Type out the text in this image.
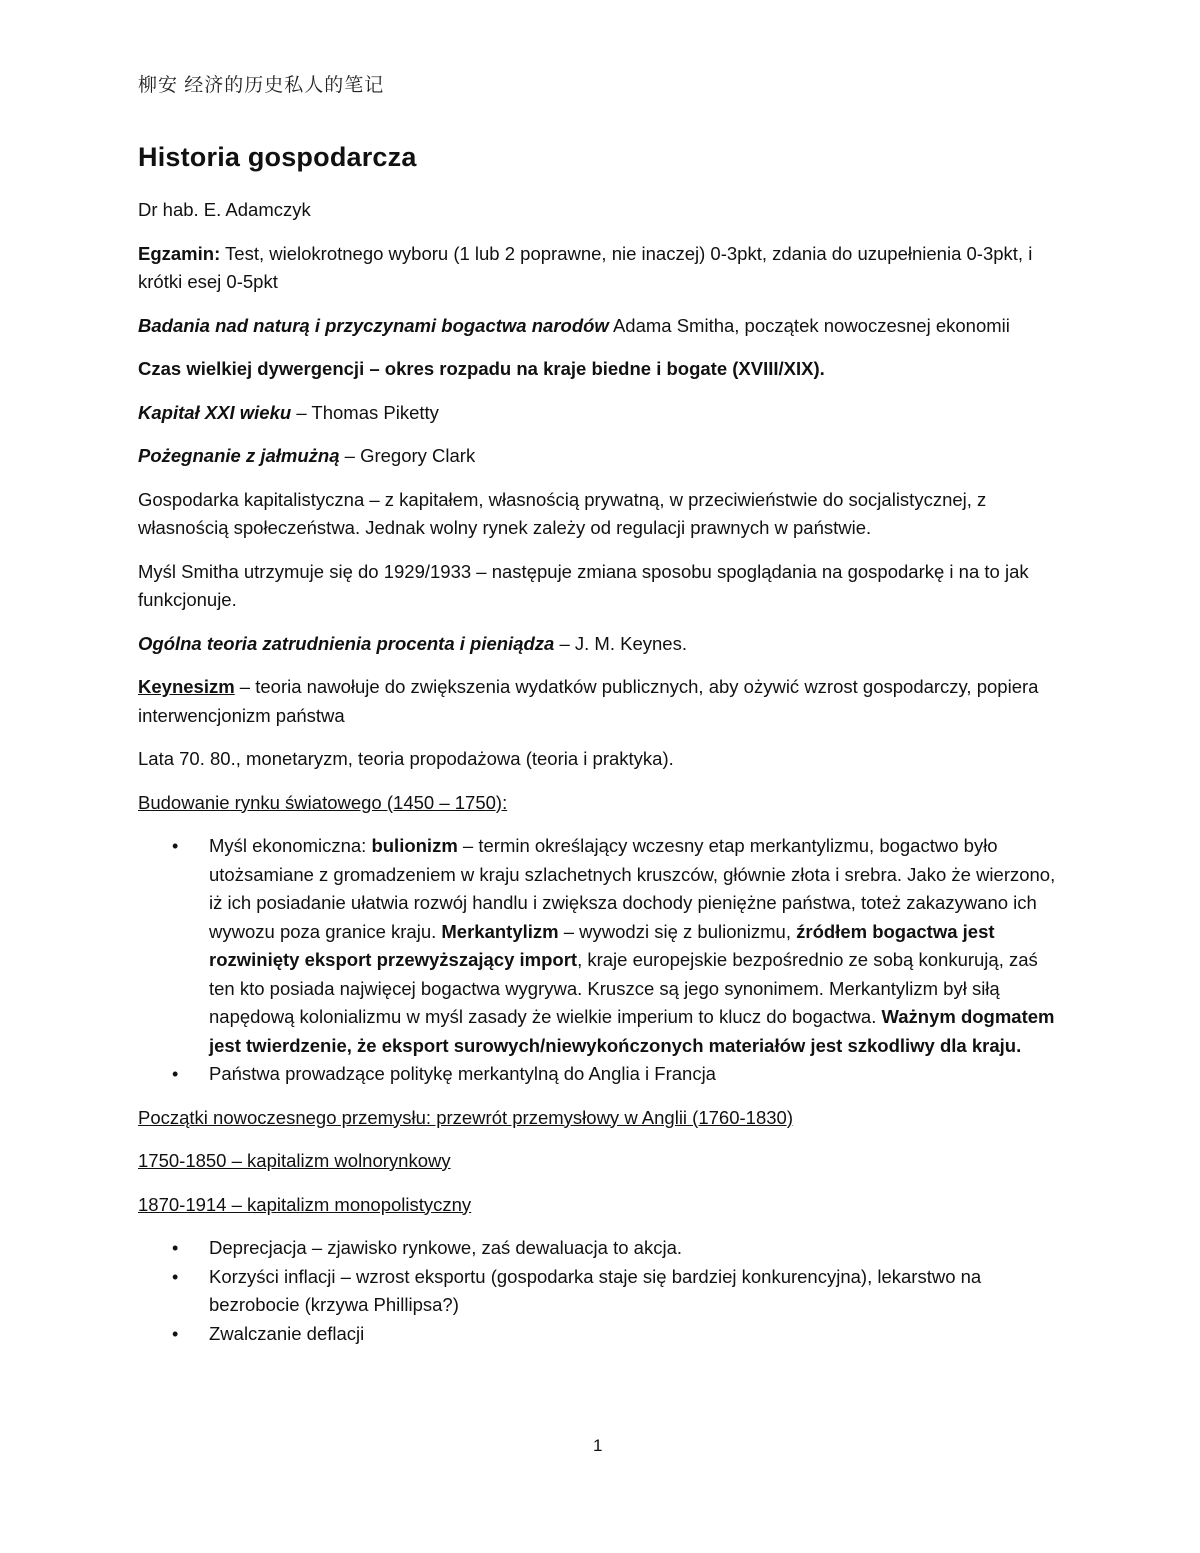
柳安 经济的历史私人的笔记
Historia gospodarcza

Dr hab. E. Adamczyk

Egzamin: Test, wielokrotnego wyboru (1 lub 2 poprawne, nie inaczej) 0-3pkt, zdania do uzupełnienia 0-3pkt, i krótki esej 0-5pkt

Badania nad naturą i przyczynami bogactwa narodów Adama Smitha, początek nowoczesnej ekonomii

Czas wielkiej dywergencji – okres rozpadu na kraje biedne i bogate (XVIII/XIX).

Kapitał XXI wieku – Thomas Piketty

Pożegnanie z jałmużną – Gregory Clark

Gospodarka kapitalistyczna – z kapitałem, własnością prywatną, w przeciwieństwie do socjalistycznej, z własnością społeczeństwa. Jednak wolny rynek zależy od regulacji prawnych w państwie.

Myśl Smitha utrzymuje się do 1929/1933 – następuje zmiana sposobu spoglądania na gospodarkę i na to jak funkcjonuje.

Ogólna teoria zatrudnienia procenta i pieniądza – J. M. Keynes.

Keynesizm – teoria nawołuje do zwiększenia wydatków publicznych, aby ożywić wzrost gospodarczy, popiera interwencjonizm państwa

Lata 70. 80., monetaryzm, teoria propodażowa (teoria i praktyka).

Budowanie rynku światowego (1450 – 1750):

• Myśl ekonomiczna: bulionizm – termin określający wczesny etap merkantylizmu, bogactwo było utożsamiane z gromadzeniem w kraju szlachetnych kruszców, głównie złota i srebra. Jako że wierzono, iż ich posiadanie ułatwia rozwój handlu i zwiększa dochody pieniężne państwa, toteż zakazywano ich wywozu poza granice kraju. Merkantylizm – wywodzi się z bulionizmu, źródłem bogactwa jest rozwinięty eksport przewyższający import, kraje europejskie bezpośrednio ze sobą konkurują, zaś ten kto posiada najwięcej bogactwa wygrywa. Kruszce są jego synonimem. Merkantylizm był siłą napędową kolonializmu w myśl zasady że wielkie imperium to klucz do bogactwa. Ważnym dogmatem jest twierdzenie, że eksport surowych/niewykończonych materiałów jest szkodliwy dla kraju.
• Państwa prowadzące politykę merkantylną do Anglia i Francja

Początki nowoczesnego przemysłu: przewrót przemysłowy w Anglii (1760-1830)

1750-1850 – kapitalizm wolnorynkowy

1870-1914 – kapitalizm monopolistyczny

• Deprecjacja – zjawisko rynkowe, zaś dewaluacja to akcja.
• Korzyści inflacji – wzrost eksportu (gospodarka staje się bardziej konkurencyjna), lekarstwo na bezrobocie (krzywa Phillipsa?)
• Zwalczanie deflacji
1
